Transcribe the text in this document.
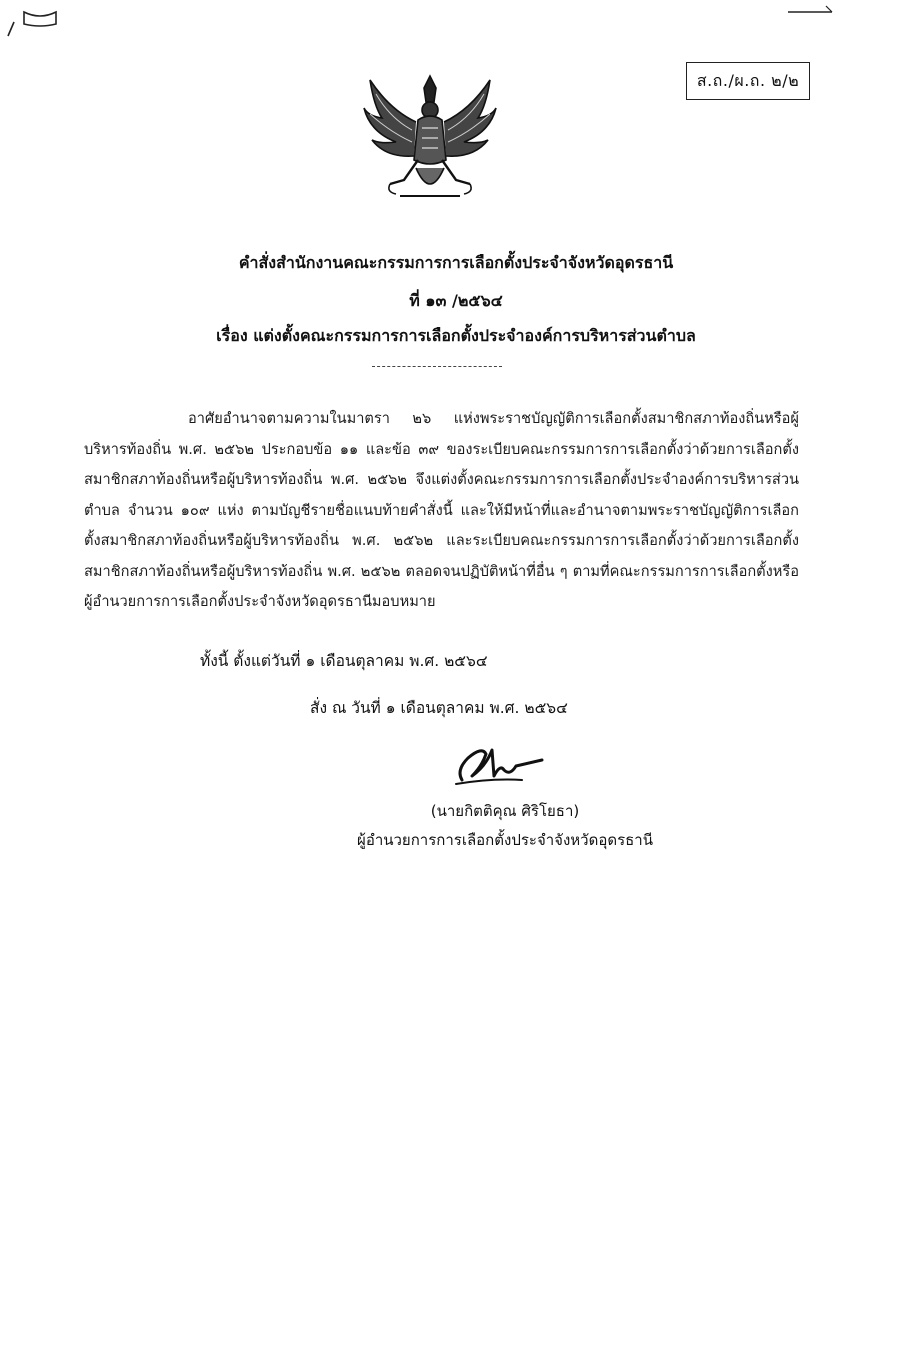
ส.ถ./ผ.ถ. ๒/๒
คำสั่งสำนักงานคณะกรรมการการเลือกตั้งประจำจังหวัดอุดรธานี
ที่ ๑๓ /๒๕๖๔
เรื่อง แต่งตั้งคณะกรรมการการเลือกตั้งประจำองค์การบริหารส่วนตำบล
อาศัยอำนาจตามความในมาตรา ๒๖ แห่งพระราชบัญญัติการเลือกตั้งสมาชิกสภาท้องถิ่นหรือผู้บริหารท้องถิ่น พ.ศ. ๒๕๖๒ ประกอบข้อ ๑๑ และข้อ ๓๙ ของระเบียบคณะกรรมการการเลือกตั้งว่าด้วยการเลือกตั้งสมาชิกสภาท้องถิ่นหรือผู้บริหารท้องถิ่น พ.ศ. ๒๕๖๒ จึงแต่งตั้งคณะกรรมการการเลือกตั้งประจำองค์การบริหารส่วนตำบล จำนวน ๑๐๙ แห่ง ตามบัญชีรายชื่อแนบท้ายคำสั่งนี้ และให้มีหน้าที่และอำนาจตามพระราชบัญญัติการเลือกตั้งสมาชิกสภาท้องถิ่นหรือผู้บริหารท้องถิ่น พ.ศ. ๒๕๖๒ และระเบียบคณะกรรมการการเลือกตั้งว่าด้วยการเลือกตั้งสมาชิกสภาท้องถิ่นหรือผู้บริหารท้องถิ่น พ.ศ. ๒๕๖๒ ตลอดจนปฏิบัติหน้าที่อื่น ๆ ตามที่คณะกรรมการการเลือกตั้งหรือผู้อำนวยการการเลือกตั้งประจำจังหวัดอุดรธานีมอบหมาย
ทั้งนี้ ตั้งแต่วันที่ ๑ เดือนตุลาคม พ.ศ. ๒๕๖๔
สั่ง ณ วันที่ ๑ เดือนตุลาคม พ.ศ. ๒๕๖๔
(นายกิตติคุณ ศิริโยธา)
ผู้อำนวยการการเลือกตั้งประจำจังหวัดอุดรธานี
